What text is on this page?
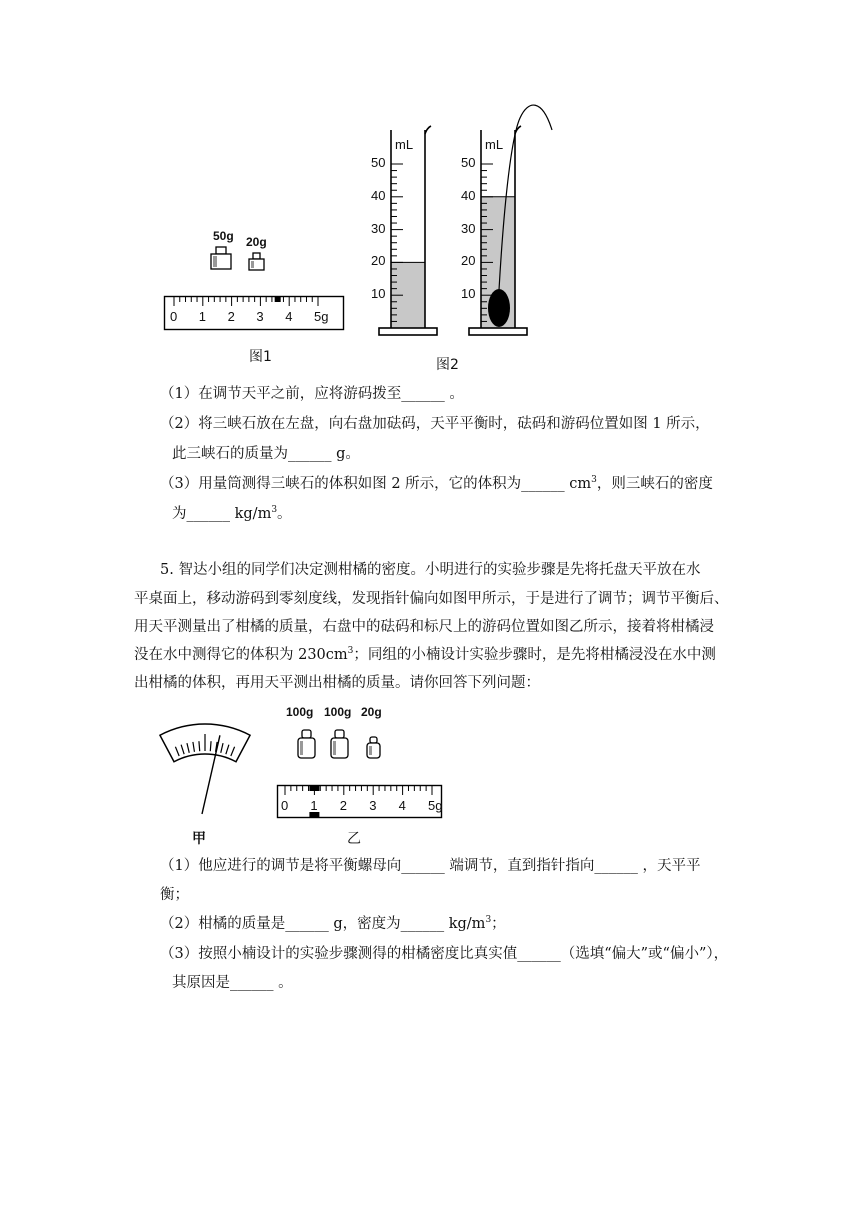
50g 20g
0 1 2 3 4 5g
图1
mL	mL
50
40
30
20
10
50
40
30
20
10
图2
（1）在调节天平之前，应将游码拨至______ 。
（2）将三峡石放在左盘，向右盘加砝码，天平平衡时，砝码和游码位置如图 1 所示，
此三峡石的质量为______ g。
（3）用量筒测得三峡石的体积如图 2 所示，它的体积为______ $cm^3$，则三峡石的密度
为______ $kg/m^3$。
5. 智达小组的同学们决定测柑橘的密度。小明进行的实验步骤是先将托盘天平放在水
平桌面上，移动游码到零刻度线，发现指针偏向如图甲所示，于是进行了调节；调节平衡后、
用天平测量出了柑橘的质量，右盘中的砝码和标尺上的游码位置如图乙所示，接着将柑橘浸
没在水中测得它的体积为 $230cm^3$；同组的小楠设计实验步骤时，是先将柑橘浸没在水中测
出柑橘的体积，再用天平测出柑橘的质量。请你回答下列问题：
甲
100g 100g 20g
0 1 2 3 4 5g
乙
（1）他应进行的调节是将平衡螺母向______ 端调节，直到指针指向______ ，天平平
衡；
（2）柑橘的质量是______ g，密度为______ $kg/m^3$；
（3）按照小楠设计的实验步骤测得的柑橘密度比真实值______（选填“偏大”或“偏小”），
其原因是______ 。
